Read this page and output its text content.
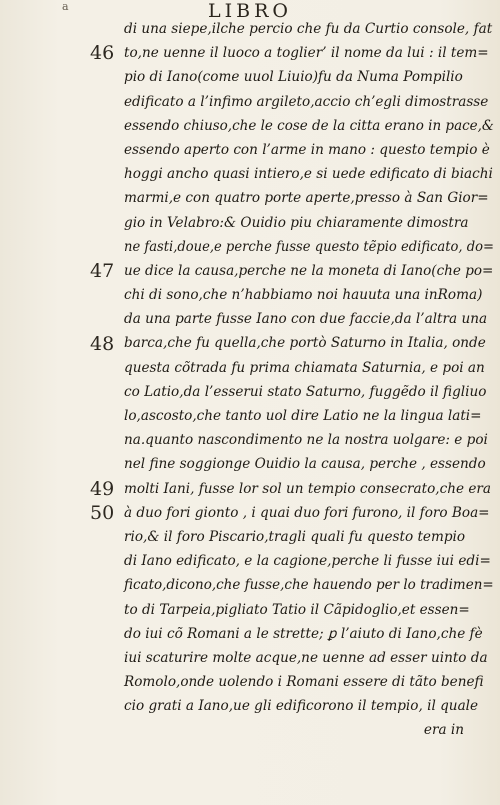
a	LIBRO
46
47
48
49
50
di una siepe,ilche percio che fu da Curtio console, fat
to,ne uenne il luoco a toglier’ il nome da lui : il tem=
pio di Iano(come uuol Liuio)fu da Numa Pompilio
edificato a l’infimo argileto,accio ch’egli dimostrasse
essendo chiuso,che le cose de la citta erano in pace,&
essendo aperto con l’arme in mano : questo tempio è
hoggi ancho quasi intiero,e si uede edificato di biachi
marmi,e con quatro porte aperte,presso à San Gior=
gio in Velabro:& Ouidio piu chiaramente dimostra
ne fasti,doue,e perche fusse questo tẽpio edificato, do=
ue dice la causa,perche ne la moneta di Iano(che po=
chi di sono,che n’habbiamo noi hauuta una inRoma)
da una parte fusse Iano con due faccie,da l’altra una
barca,che fu quella,che portò Saturno in Italia, onde
questa cõtrada fu prima chiamata Saturnia, e poi an
co Latio,da l’esserui stato Saturno, fuggẽdo il figliuo
lo,ascosto,che tanto uol dire Latio ne la lingua lati=
na.quanto nascondimento ne la nostra uolgare: e poi
nel fine soggionge Ouidio la causa, perche , essendo
molti Iani, fusse lor sol un tempio consecrato,che era
à duo fori gionto , i quai duo fori furono, il foro Boa=
rio,& il foro Piscario,tragli quali fu questo tempio
di Iano edificato, e la cagione,perche li fusse iui edi=
ficato,dicono,che fusse,che hauendo per lo tradimen=
to di Tarpeia,pigliato Tatio il Cãpidoglio,et essen=
do iui cõ Romani a le strette; ꝑ l’aiuto di Iano,che fè
iui scaturire molte acque,ne uenne ad esser uinto da
Romolo,onde uolendo i Romani essere di tãto benefi
cio grati a Iano,ue gli edificorono il tempio, il quale
era in
